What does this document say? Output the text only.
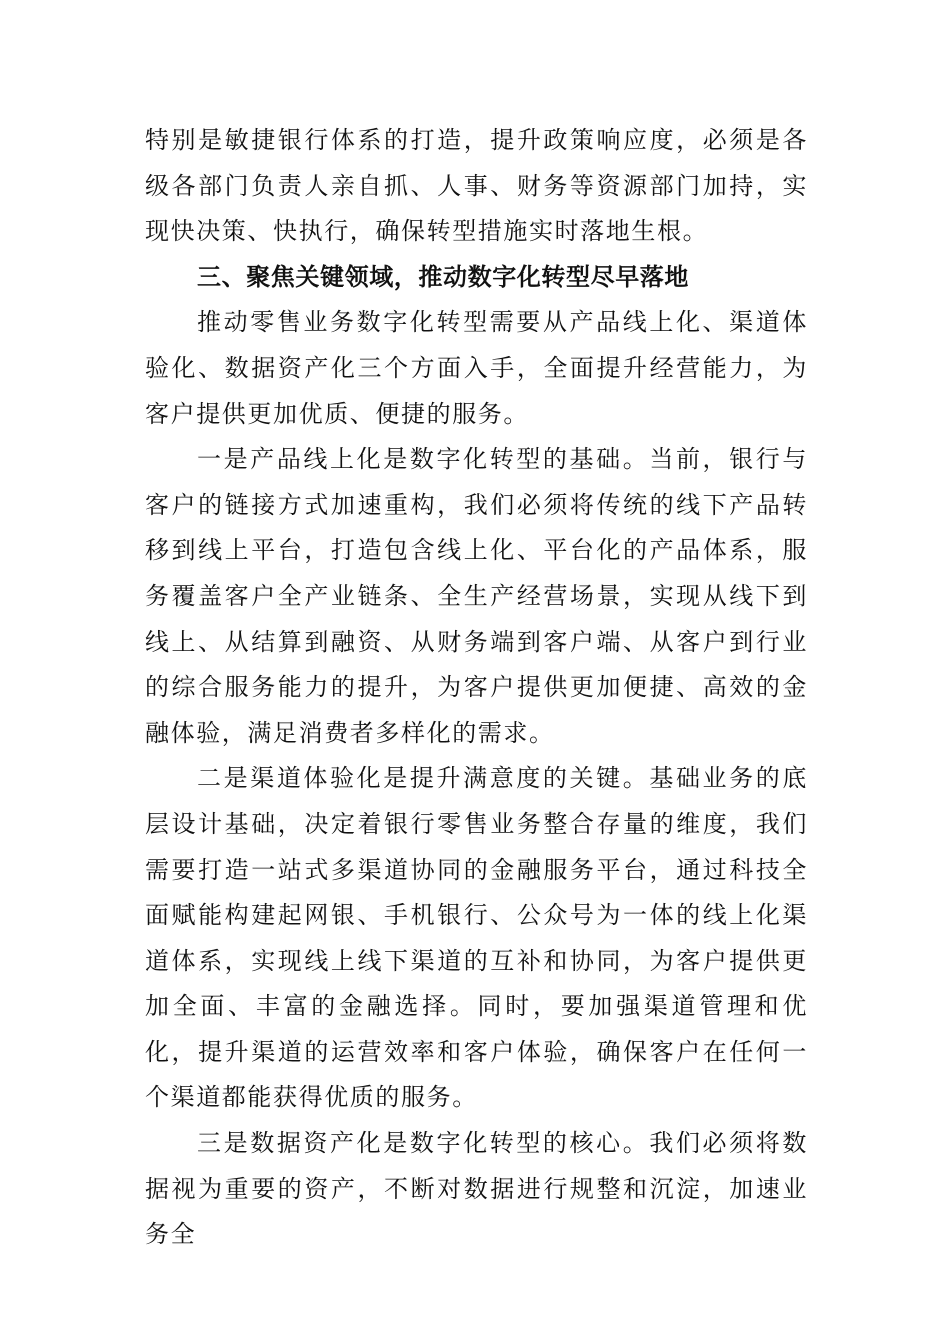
特别是敏捷银行体系的打造，提升政策响应度，必须是各级各部门负责人亲自抓、人事、财务等资源部门加持，实现快决策、快执行，确保转型措施实时落地生根。

三、聚焦关键领域，推动数字化转型尽早落地

推动零售业务数字化转型需要从产品线上化、渠道体验化、数据资产化三个方面入手，全面提升经营能力，为客户提供更加优质、便捷的服务。

一是产品线上化是数字化转型的基础。当前，银行与客户的链接方式加速重构，我们必须将传统的线下产品转移到线上平台，打造包含线上化、平台化的产品体系，服务覆盖客户全产业链条、全生产经营场景，实现从线下到线上、从结算到融资、从财务端到客户端、从客户到行业的综合服务能力的提升，为客户提供更加便捷、高效的金融体验，满足消费者多样化的需求。

二是渠道体验化是提升满意度的关键。基础业务的底层设计基础，决定着银行零售业务整合存量的维度，我们需要打造一站式多渠道协同的金融服务平台，通过科技全面赋能构建起网银、手机银行、公众号为一体的线上化渠道体系，实现线上线下渠道的互补和协同，为客户提供更加全面、丰富的金融选择。同时，要加强渠道管理和优化，提升渠道的运营效率和客户体验，确保客户在任何一个渠道都能获得优质的服务。

三是数据资产化是数字化转型的核心。我们必须将数据视为重要的资产，不断对数据进行规整和沉淀，加速业务全
